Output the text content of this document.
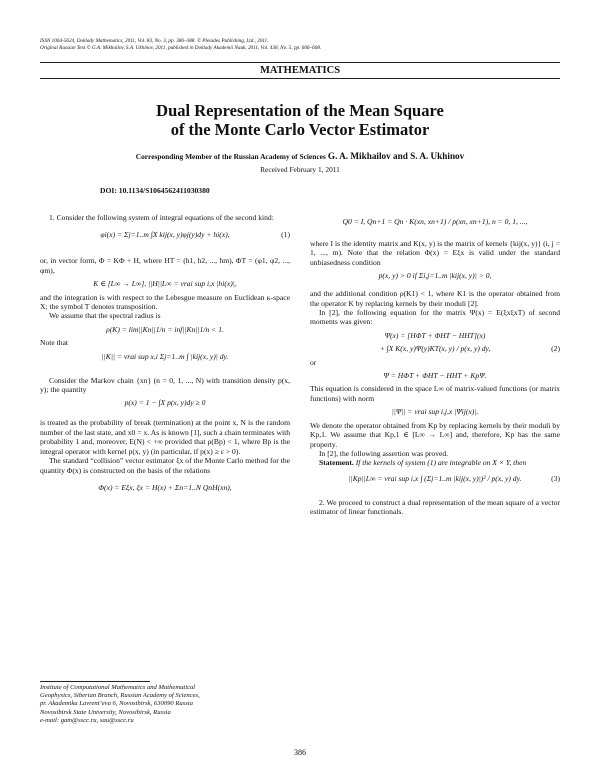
ISSN 1064-5624, Doklady Mathematics, 2011, Vol. 83, No. 3, pp. 386–388. © Pleiades Publishing, Ltd., 2011.
Original Russian Text © G.A. Mikhailov, S.A. Ukhinov, 2011, published in Doklady Akademii Nauk, 2011, Vol. 438, No. 5, pp. 606–608.
MATHEMATICS
Dual Representation of the Mean Square
of the Monte Carlo Vector Estimator
Corresponding Member of the Russian Academy of Sciences G. A. Mikhailov and S. A. Ukhinov
Received February 1, 2011
DOI: 10.1134/S1064562411030380

1. Consider the following system of integral equations of the second kind:

φi(x) = Σj=1..m ∫X kij(x, y)φj(y)dy + hi(x),	(1)

or, in vector form, Φ = KΦ + H, where HT = (h1, h2, ..., hm), ΦT = (φ1, φ2, ..., φm),

K ∈ [L∞ → L∞], ||H||L∞ = vrai sup i,x |hi(x)|,

and the integration is with respect to the Lebesgue measure on Euclidean κ-space X; the symbol T denotes transposition.

We assume that the spectral radius is

ρ(K) = lim||Kn||1/n = inf||Kn||1/n < 1.

Note that

||K|| = vrai sup x,i Σj=1..m ∫ |kij(x, y)| dy.

Consider the Markov chain {xn} (n = 0, 1, ..., N) with transition density p(x, y); the quantity

p(x) = 1 − ∫X p(x, y)dy ≥ 0

is treated as the probability of break (termination) at the point x, N is the random number of the last state, and x0 = x. As is known [1], such a chain terminates with probability 1 and, moreover, E(N) < +∞ provided that ρ(Bp) < 1, where Bp is the integral operator with kernel p(x, y) (in particular, if p(x) ≥ ε > 0).

The standard “collision” vector estimator ξx of the Monte Carlo method for the quantity Φ(x) is constructed on the basis of the relations

Φ(x) = Eξx, ξx = H(x) + Σn=1..N QnH(xn),
Institute of Computational Mathematics and Mathematical
Geophysics, Siberian Branch, Russian Academy of Sciences,
pr. Akademika Lavrent’eva 6, Novosibirsk, 630090 Russia
Novosibirsk State University, Novosibirsk, Russia
e-mail: gam@sscc.ru, sau@sscc.ru
Q0 = I, Qn+1 = Qn · K(xn, xn+1) / p(xn, xn+1), n = 0, 1, ...,

where I is the identity matrix and K(x, y) is the matrix of kernels {kij(x, y)} (i, j = 1, ..., m). Note that the relation Φ(x) = Eξx is valid under the standard unbiasedness condition

p(x, y) > 0 if Σi,j=1..m |kij(x, y)| > 0,

and the additional condition ρ(K1) < 1, where K1 is the operator obtained from the operator K by replacing kernels by their moduli [2].

In [2], the following equation for the matrix Ψ(x) = E(ξxξxT) of second moments was given:

Ψ(x) = [HΦT + ΦHT − HHT](x)
+ ∫X K(x, y)Ψ(y)KT(x, y) / p(x, y) dy,	(2)

or

Ψ = HΦT + ΦHT − HHT + KpΨ.

This equation is considered in the space L∞ of matrix-valued functions (or matrix functions) with norm

||Ψ|| = vrai sup i,j,x |Ψij(x)|.

We denote the operator obtained from Kp by replacing kernels by their moduli by Kp,1. We assume that Kp,1 ∈ [L∞ → L∞] and, therefore, Kp has the same property.

In [2], the following assertion was proved.

Statement. If the kernels of system (1) are integrable on X × Y, then

||Kp||L∞ = vrai sup i,x ∫ (Σj=1..m |kij(x, y)|)² / p(x, y) dy.	(3)

2. We proceed to construct a dual representation of the mean square of a vector estimator of linear functionals.

386
